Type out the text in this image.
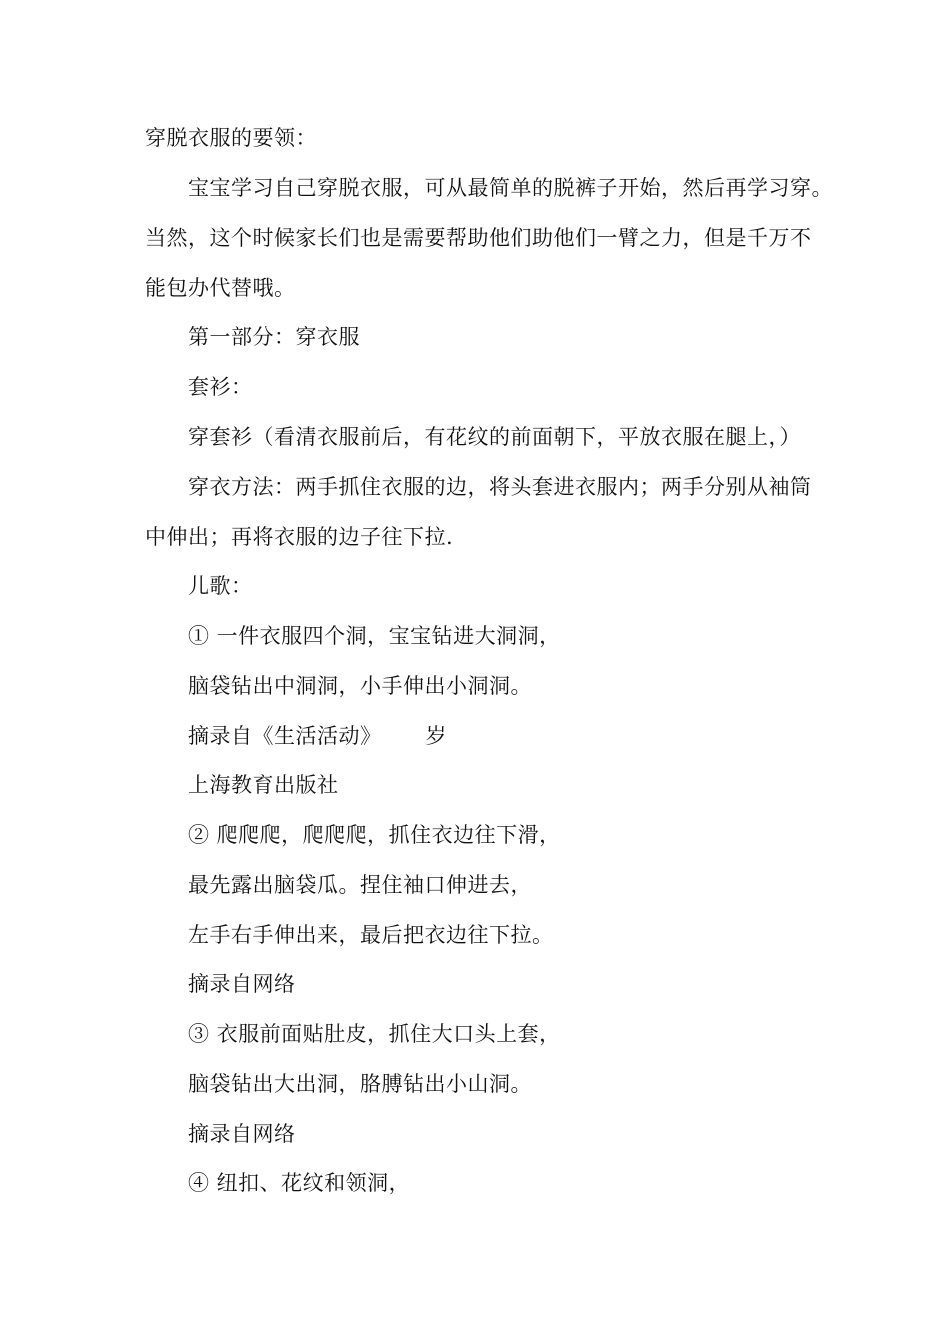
穿脱衣服的要领：
宝宝学习自己穿脱衣服，可从最简单的脱裤子开始，然后再学习穿。
当然，这个时候家长们也是需要帮助他们助他们一臂之力，但是千万不
能包办代替哦。
第一部分：穿衣服
套衫：
穿套衫（看清衣服前后，有花纹的前面朝下，平放衣服在腿上，）
穿衣方法：两手抓住衣服的边，将头套进衣服内；两手分别从袖筒
中伸出；再将衣服的边子往下拉.
儿歌：
① 一件衣服四个洞，宝宝钻进大洞洞，
脑袋钻出中洞洞，小手伸出小洞洞。
摘录自《生活活动》 岁
上海教育出版社
② 爬爬爬，爬爬爬，抓住衣边往下滑，
最先露出脑袋瓜。捏住袖口伸进去，
左手右手伸出来，最后把衣边往下拉。
摘录自网络
③ 衣服前面贴肚皮，抓住大口头上套，
脑袋钻出大出洞，胳膊钻出小山洞。
摘录自网络
④ 纽扣、花纹和领洞，
